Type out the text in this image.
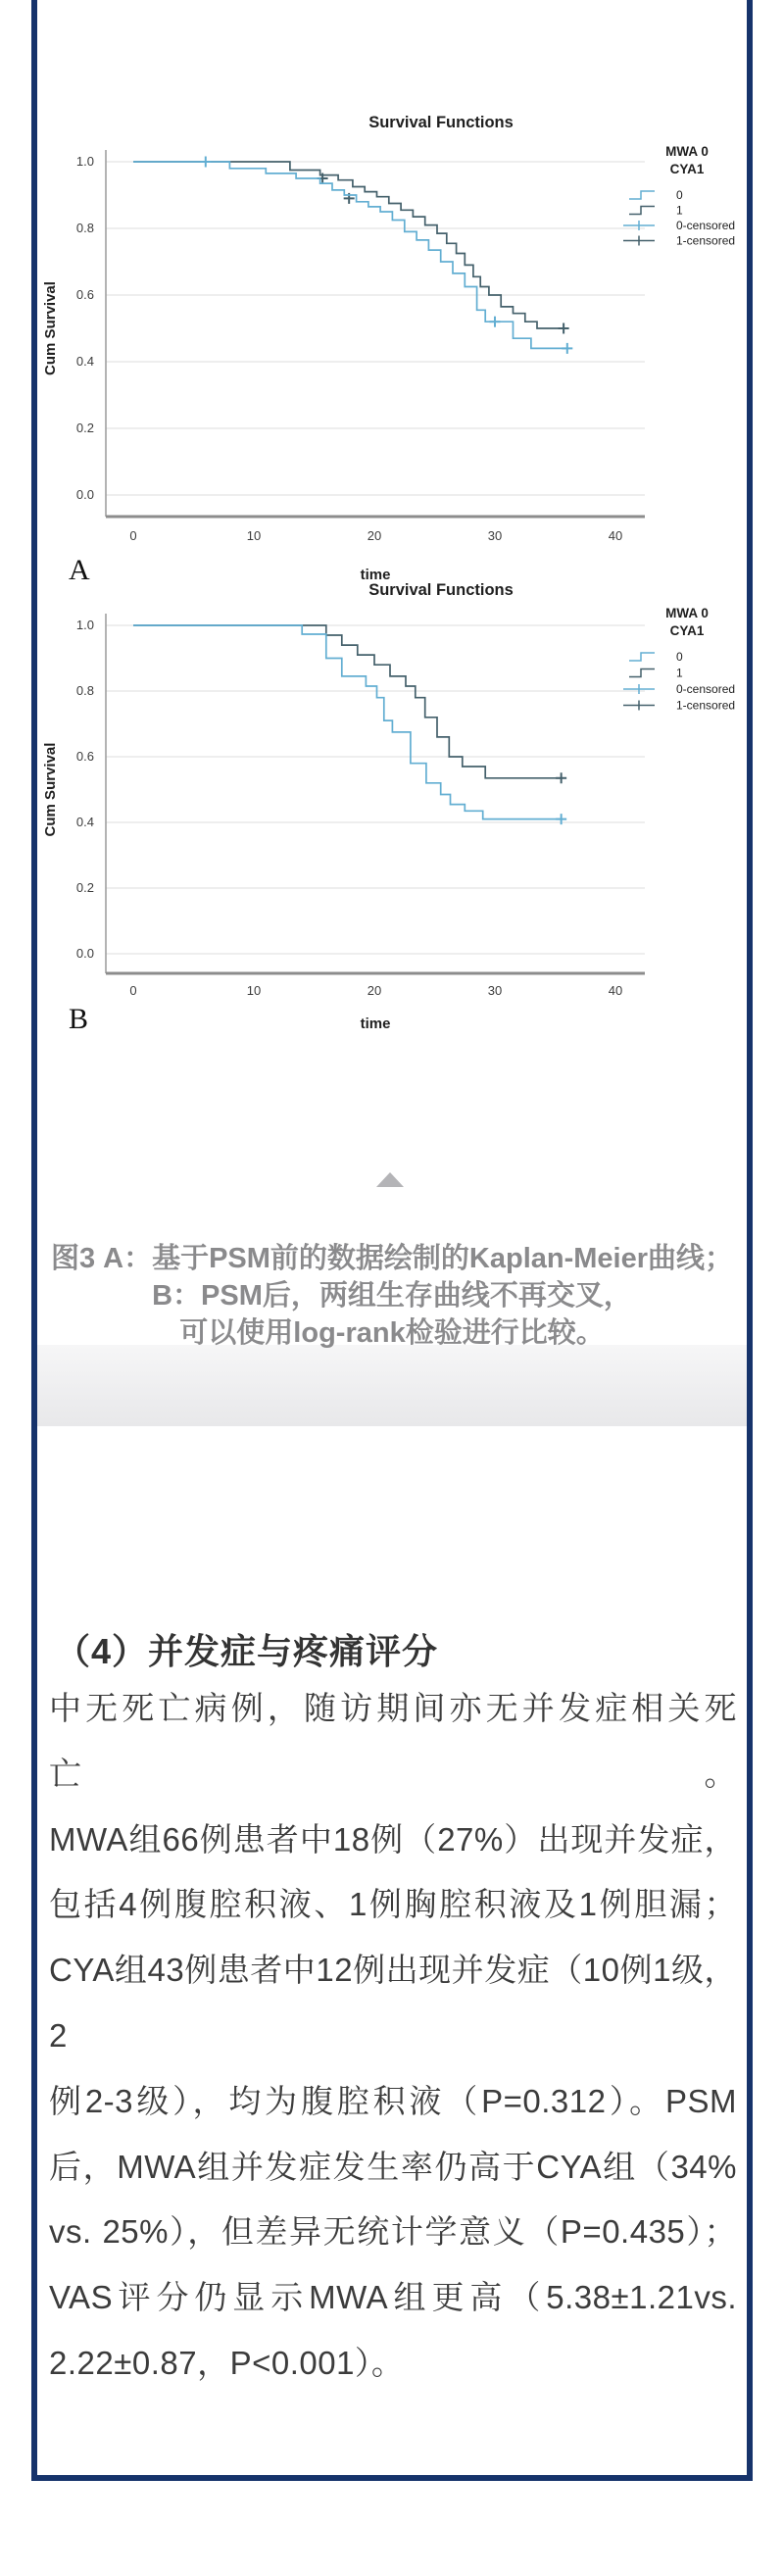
0.0
0.2
0.4
0.6
0.8
1.0
0	10	20	30	40
Survival Functions
Cum Survival
time
A
MWA 0
CYA1
0
1
0-censored
1-censored
0.0
0.2
0.4
0.6
0.8
1.0
0	10	20	30	40
Survival Functions
Cum Survival
time
B
MWA 0
CYA1
0
1
0-censored
1-censored
图3 A：基于PSM前的数据绘制的Kaplan-Meier曲线；
B：PSM后，两组生存曲线不再交叉，
可以使用log-rank检验进行比较。
（4）并发症与疼痛评分
中无死亡病例，随访期间亦无并发症相关死亡。
MWA组66例患者中18例（27%）出现并发症，
包括4例腹腔积液、1例胸腔积液及1例胆漏；
CYA组43例患者中12例出现并发症（10例1级，2
例2-3级），均为腹腔积液（P=0.312）。PSM
后，MWA组并发症发生率仍高于CYA组（34%
vs. 25%），但差异无统计学意义（P=0.435）；
VAS评分仍显示MWA组更高（5.38±1.21vs.
2.22±0.87，P<0.001）。
